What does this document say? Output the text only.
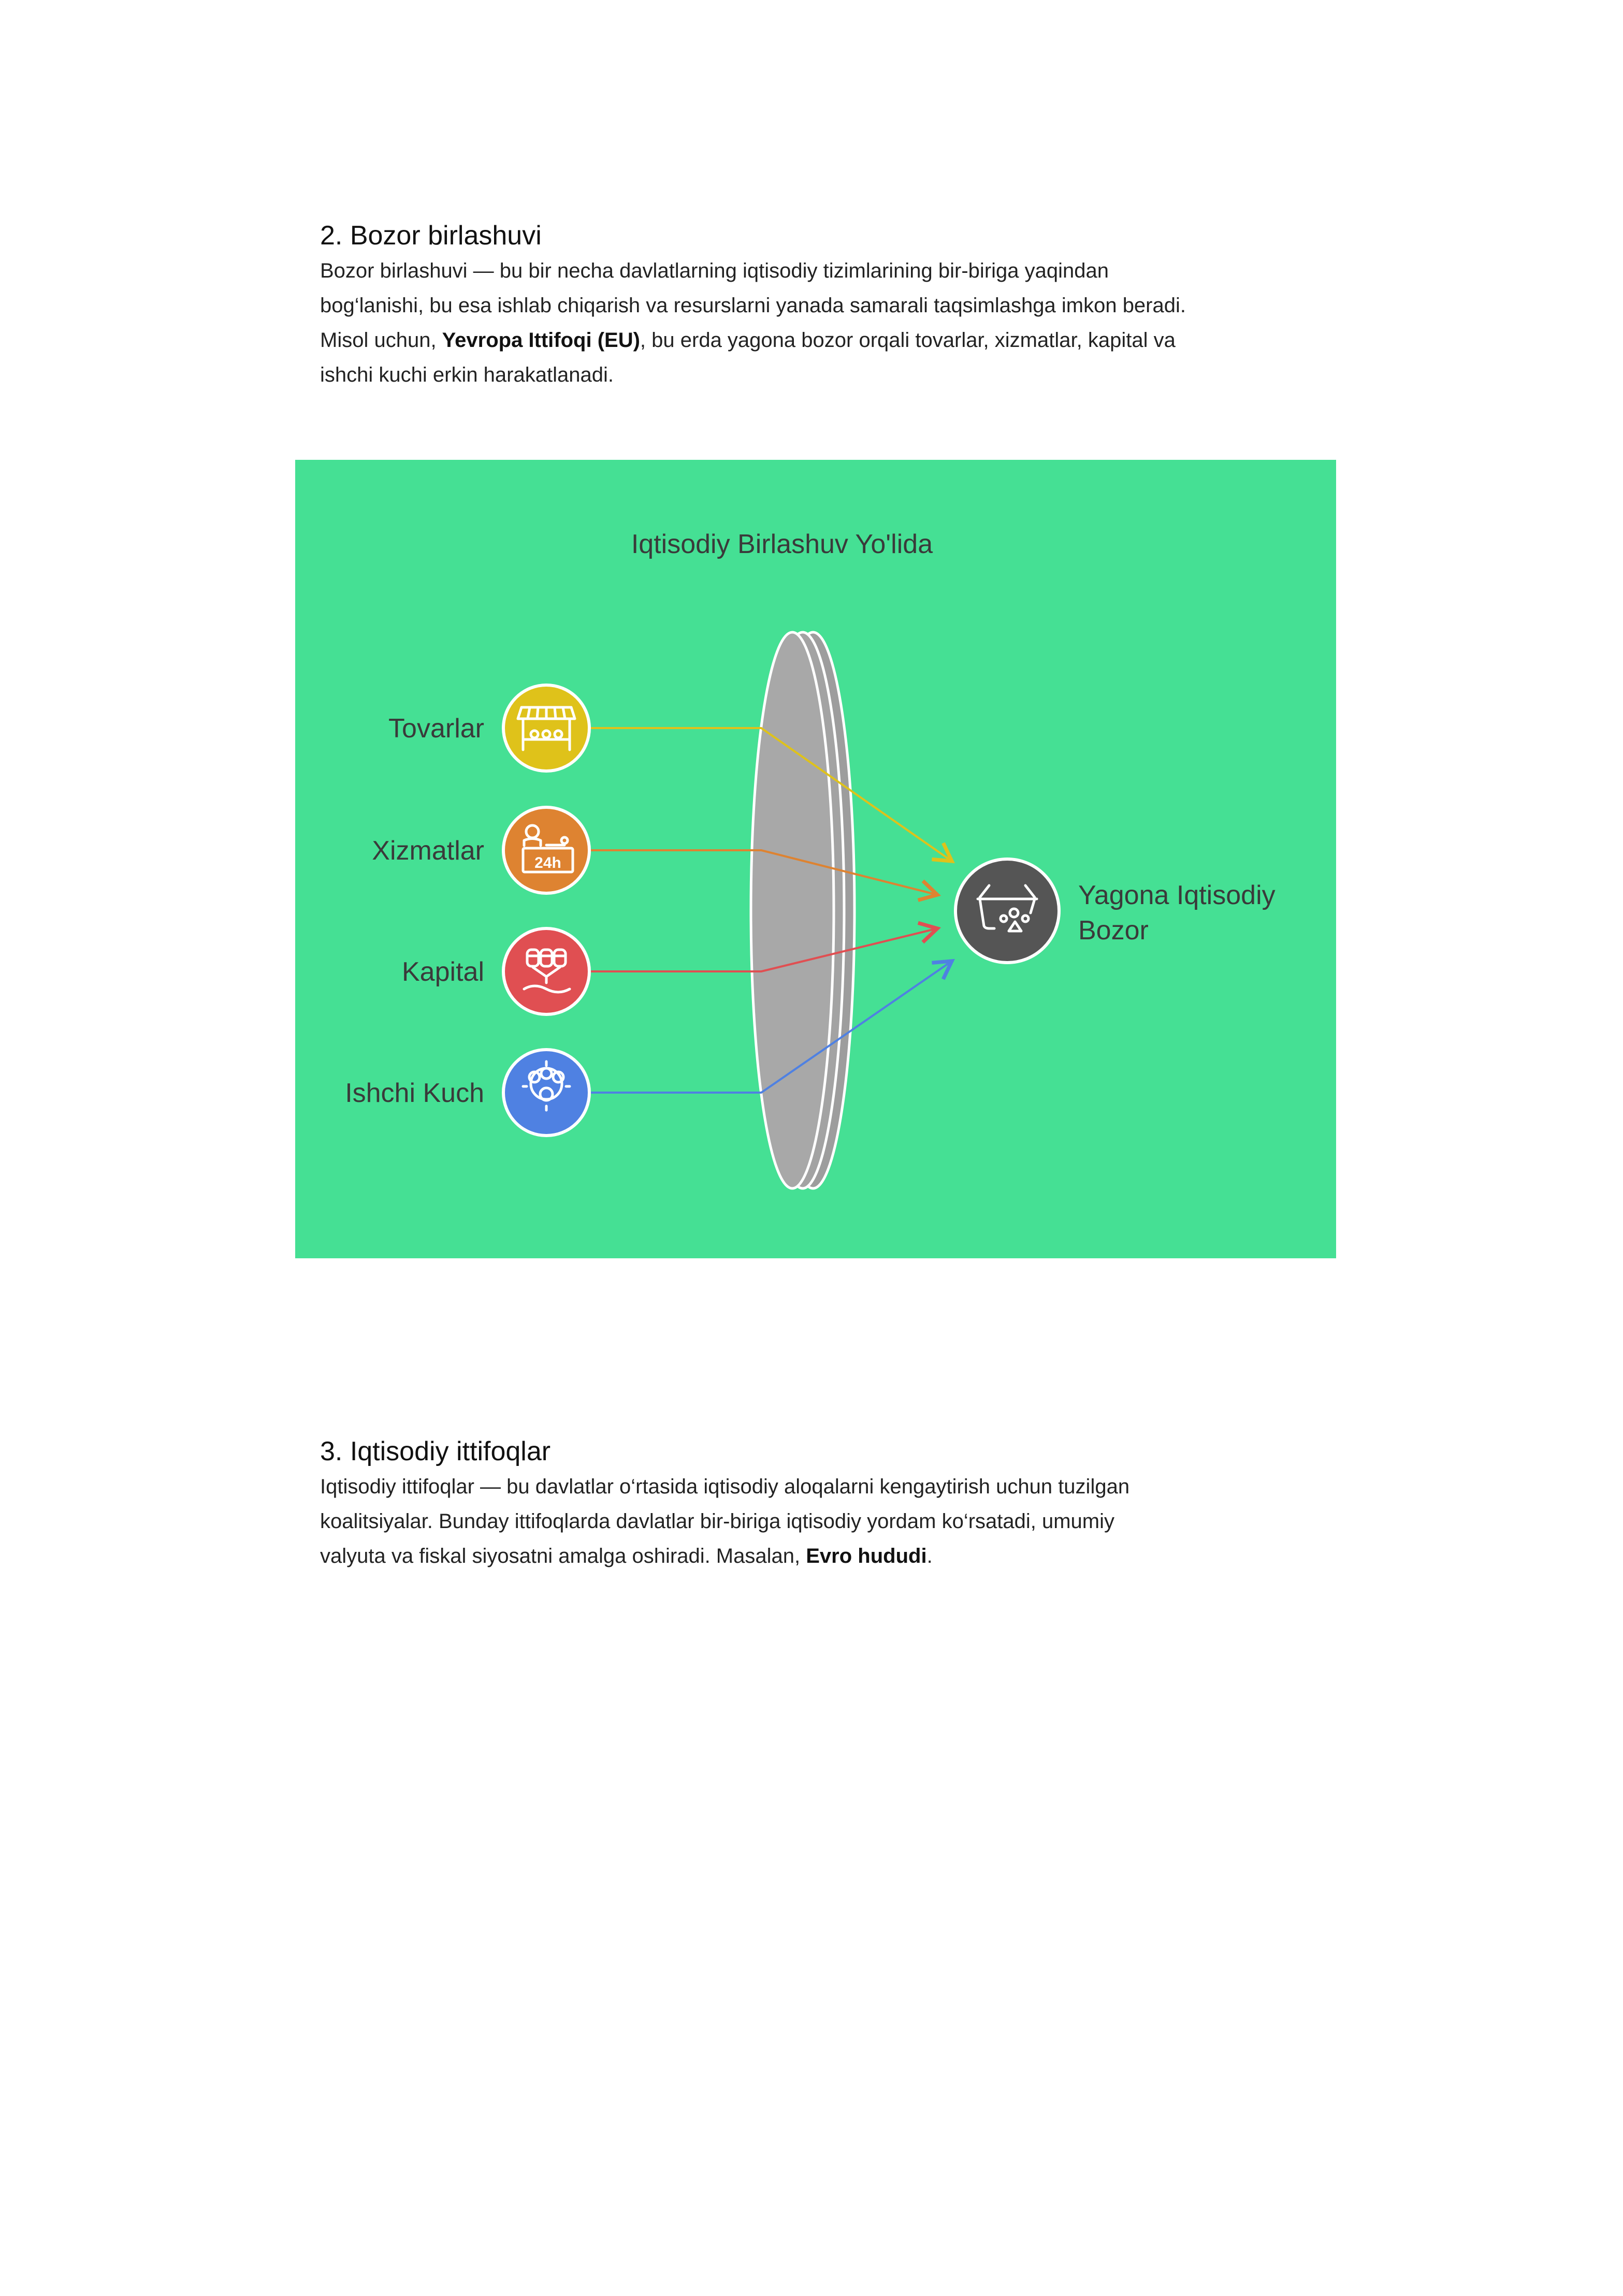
2. Bozor birlashuvi

Bozor birlashuvi — bu bir necha davlatlarning iqtisodiy tizimlarining bir-biriga yaqindan
bog‘lanishi, bu esa ishlab chiqarish va resurslarni yanada samarali taqsimlashga imkon beradi.
Misol uchun, Yevropa Ittifoqi (EU), bu erda yagona bozor orqali tovarlar, xizmatlar, kapital va
ishchi kuchi erkin harakatlanadi.

Iqtisodiy Birlashuv Yo'lida
Tovarlar
Xizmatlar	24h
Kapital
Ishchi Kuch
Yagona Iqtisodiy
Bozor
3. Iqtisodiy ittifoqlar

Iqtisodiy ittifoqlar — bu davlatlar o‘rtasida iqtisodiy aloqalarni kengaytirish uchun tuzilgan
koalitsiyalar. Bunday ittifoqlarda davlatlar bir-biriga iqtisodiy yordam ko‘rsatadi, umumiy
valyuta va fiskal siyosatni amalga oshiradi. Masalan, Evro hududi.
